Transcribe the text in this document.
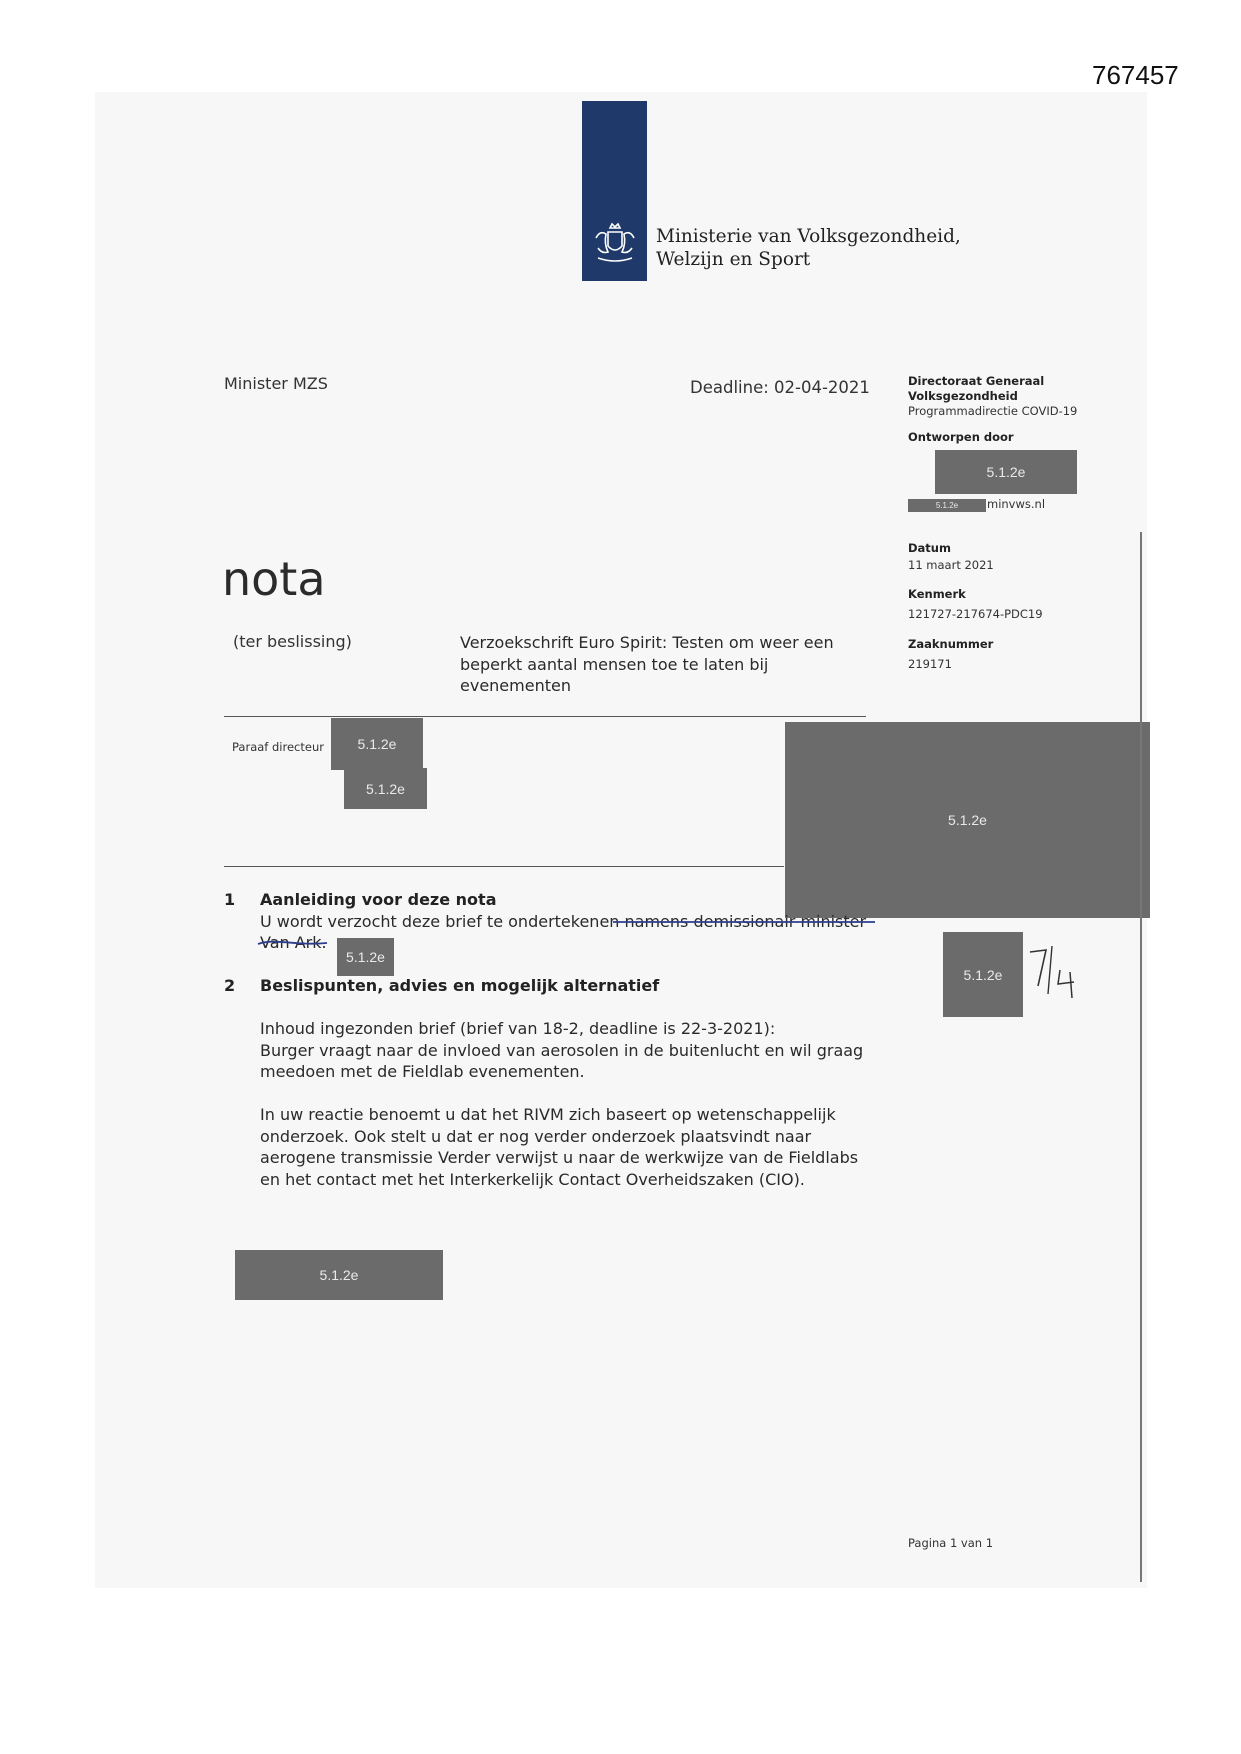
767457
Ministerie van Volksgezondheid,
Welzijn en Sport
Minister MZS	Deadline: 02-04-2021	Directoraat Generaal
Volksgezondheid
Programmadirectie COVID-19
Ontworpen door
5.1.2e
5.1.2e	minvws.nl
Datum
11 maart 2021
Kenmerk
121727-217674-PDC19
Zaaknummer
219171
nota
(ter beslissing)	Verzoekschrift Euro Spirit: Testen om weer een beperkt aantal mensen toe te laten bij evenementen
Paraaf directeur	5.1.2e
5.1.2e
5.1.2e
1 Aanleiding voor deze nota
U wordt verzocht deze brief te ondertekenen namens demissionair minister
Van Ark.
5.1.2e
5.1.2e
2 Beslispunten, advies en mogelijk alternatief
Inhoud ingezonden brief (brief van 18-2, deadline is 22-3-2021):
Burger vraagt naar de invloed van aerosolen in de buitenlucht en wil graag
meedoen met de Fieldlab evenementen.
In uw reactie benoemt u dat het RIVM zich baseert op wetenschappelijk
onderzoek. Ook stelt u dat er nog verder onderzoek plaatsvindt naar
aerogene transmissie Verder verwijst u naar de werkwijze van de Fieldlabs
en het contact met het Interkerkelijk Contact Overheidszaken (CIO).
5.1.2e
Pagina 1 van 1
